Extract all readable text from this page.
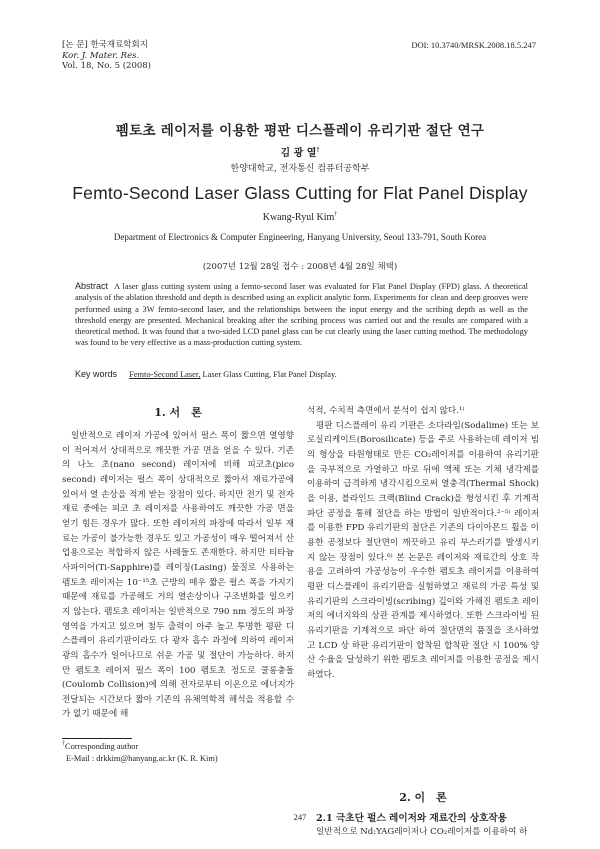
[논 문] 한국재료학회지
Kor. J. Mater. Res.
Vol. 18, No. 5 (2008)
DOI: 10.3740/MRSK.2008.18.5.247
펨토초 레이저를 이용한 평판 디스플레이 유리기판 절단 연구
김 광 열†
한양대학교, 전자통신 컴퓨터공학부
Femto-Second Laser Glass Cutting for Flat Panel Display
Kwang-Ryul Kim†
Department of Electronics & Computer Engineering, Hanyang University, Seoul 133-791, South Korea
(2007년 12월 28일 접수 : 2008년 4월 28일 채택)
Abstract A laser glass cutting system using a femto-second laser was evaluated for Flat Panel Display (FPD) glass. A theoretical analysis of the ablation threshold and depth is described using an explicit analytic form. Experiments for clean and deep grooves were performed using a 3W femto-second laser, and the relationships between the input energy and the scribing depth as well as the threshold energy are presented. Mechanical breaking after the scribing process was carried out and the results are compared with a theoretical method. It was found that a two-sided LCD panel glass can be cut clearly using the laser cutting method. The methodology was found to be very effective as a mass-production cutting system.
Key words Femto-Second Laser, Laser Glass Cutting, Flat Panel Display.
1. 서　론

일반적으로 레이저 가공에 있어서 펄스 폭이 짧으면 열영향이 적어져서 상대적으로 깨끗한 가공 면을 얻을 수 있다. 기존의 나노 초(nano second) 레이저에 비해 피코초(pico second) 레이저는 펄스 폭이 상대적으로 짧아서 재료가공에 있어서 열 손상을 적게 받는 장점이 있다. 하지만 전기 및 전자 재료 중에는 피코 초 레이저를 사용하여도 깨끗한 가공 면을 얻기 힘든 경우가 많다. 또한 레이저의 파장에 따라서 일부 재료는 가공이 불가능한 경우도 있고 가공성이 매우 떨어져서 산업용으로는 적합하지 않은 사례들도 존재한다. 하지만 티타늄 사파이어(Ti-Sapphire)를 레이징(Lasing) 물질로 사용하는 펨토초 레이저는 10⁻¹⁵초 근방의 매우 짧은 펄스 폭을 가지기 때문에 재료를 가공해도 거의 열손상이나 구조변화를 일으키지 않는다. 펨토초 레이저는 일반적으로 790 nm 정도의 파장영역을 가지고 있으며 첨두 출력이 아주 높고 투명한 평판 디스플레이 유리기판이라도 다 광자 흡수 과정에 의하여 레이저 광의 흡수가 일어나므로 쉬운 가공 및 절단이 가능하다. 하지만 펨토초 레이저 펄스 폭이 100 펨토초 정도로 쿨롱충돌(Coulomb Collision)에 의해 전자로부터 이온으로 에너지가 전달되는 시간보다 짧아 기존의 유체역학적 해석을 적용할 수가 없기 때문에 해

석적, 수치적 측면에서 분석이 쉽지 않다.¹⁾

평판 디스플레이 유리 기판은 소다라임(Sodalime) 또는 보로실리케이트(Borosilicate) 등을 주로 사용하는데 레이저 빔의 형상을 타원형태로 만든 CO₂레이저를 이용하여 유리기판을 국부적으로 가열하고 바로 뒤에 액체 또는 기체 냉각제를 이용하여 급격하게 냉각시킴으로써 열충격(Thermal Shock)을 이용, 블라인드 크랙(Blind Crack)을 형성시킨 후 기계적 파단 공정을 통해 절단을 하는 방법이 일반적이다.²⁻⁵⁾ 레이저를 이용한 FPD 유리기판의 절단은 기존의 다이아몬드 휠을 이용한 공정보다 절단면이 깨끗하고 유리 부스러기를 발생시키지 않는 장점이 있다.⁶⁾ 본 논문은 레이저와 재료간의 상호 작용을 고려하여 가공성능이 우수한 펨토초 레이저를 이용하여 평판 디스플레이 유리기판을 실험하였고 재료의 가공 특성 및 유리기판의 스크라이빙(scribing) 깊이와 가해진 펨토초 레이저의 에너지와의 상관 관계를 제시하였다. 또한 스크라이빙 된 유리기판을 기계적으로 파단 하여 절단면의 품질을 조사하였고 LCD 상 하판 유리기판이 합착된 합착판 절단 시 100% 양산 수율을 달성하기 위한 펨토초 레이저를 이용한 공정을 제시하였다.

2. 이　론
2.1 극초단 펄스 레이저와 재료간의 상호작용

일반적으로 Nd:YAG레이저나 CO₂레이저를 이용하여 하

†Corresponding author
E-Mail : drkkim@hanyang.ac.kr (K. R. Kim)
247
